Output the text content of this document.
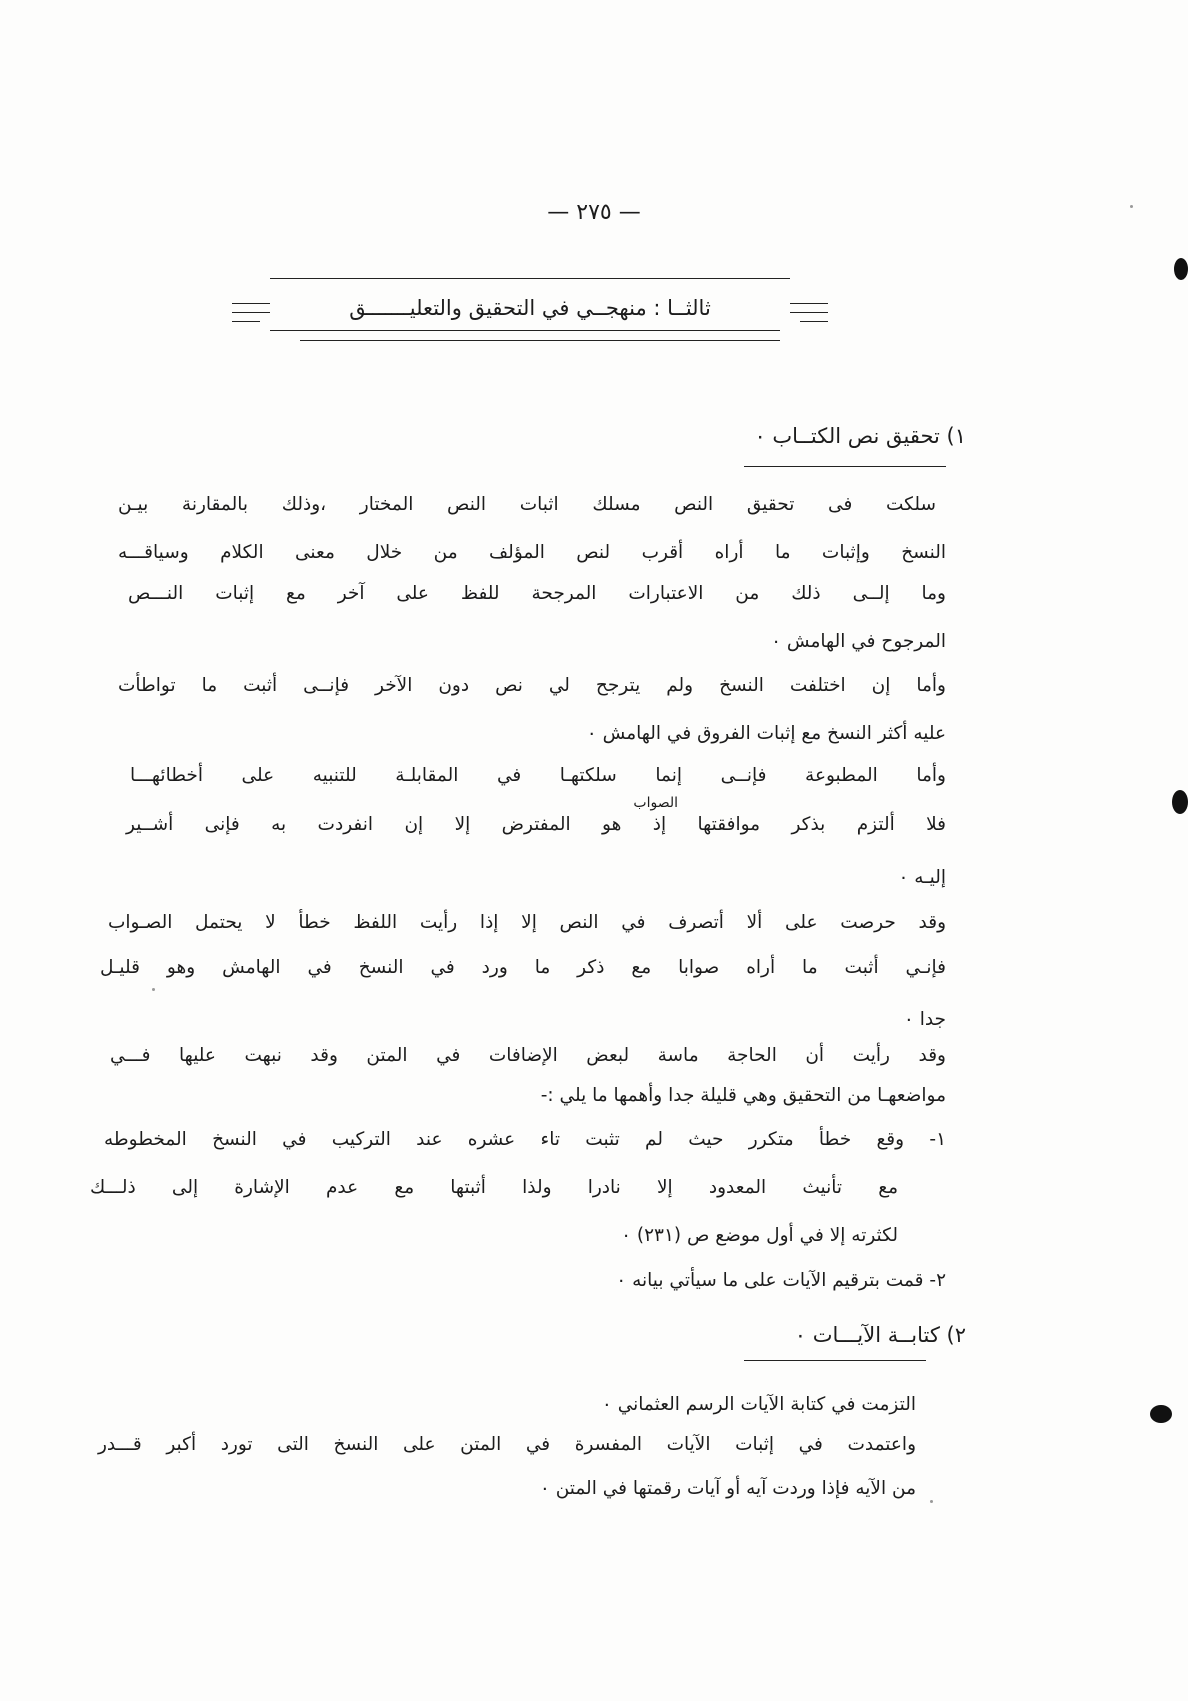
— ٢٧٥ —
ثالثــا : منهجــي في التحقيق والتعليـــــــق
١) تحقيق نص الكتــاب ٠
سلكت فى تحقيق النص مسلك اثبات النص المختار ،وذلك بالمقارنة بيـن
النسخ وإثبات ما أراه أقرب لنص المؤلف من خلال معنى الكلام وسياقـــه
وما إلــى ذلك من الاعتبارات المرجحة للفظ على آخر مع إثبات النـــص
المرجوح في الهامش ٠
وأما إن اختلفت النسخ ولم يترجح لي نص دون الآخر فإنــى أثبت ما تواطأت
عليه أكثر النسخ مع إثبات الفروق في الهامش ٠
وأما المطبوعة فإنــى إنما سلكتهـا في المقابلـة للتنبيه على أخطائهـــا
الصواب
فلا ألتزم بذكر موافقتها إذ هو المفترض إلا إن انفردت به فإنى أشــير
إليـه ٠
وقد حرصت على ألا أتصرف في النص إلا إذا رأيت اللفظ خطأ لا يحتمل الصـواب
فإنـي أثبت ما أراه صوابا مع ذكر ما ورد في النسخ في الهامش وهو قليـل
جدا ٠
وقد رأيت أن الحاجة ماسة لبعض الإضافات في المتن وقد نبهت عليها فـــي
مواضعهـا من التحقيق وهي قليلة جدا وأهمها ما يلي :-
١- وقع خطأ متكرر حيث لم تثبت تاء عشره عند التركيب في النسخ المخطوطه
مع تأنيث المعدود إلا نادرا ولذا أثبتها مع عدم الإشارة إلى ذلـــك
لكثرته إلا في أول موضع ص (٢٣١) ٠
٢- قمت بترقيم الآيات على ما سيأتي بيانه ٠
٢) كتابــة الآيـــات ٠
التزمت في كتابة الآيات الرسم العثماني ٠
واعتمدت في إثبات الآيات المفسرة في المتن على النسخ التى تورد أكبر قـــدر
من الآيه فإذا وردت آيه أو آيات رقمتها في المتن ٠
